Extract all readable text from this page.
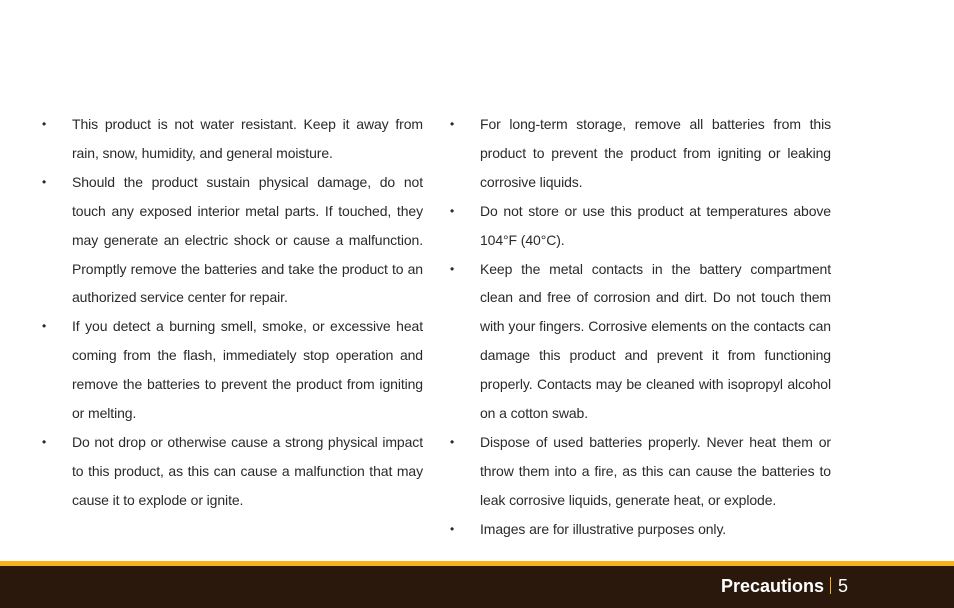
• This product is not water resistant. Keep it away from rain, snow, humidity, and general moisture.
• Should the product sustain physical damage, do not touch any exposed interior metal parts. If touched, they may generate an electric shock or cause a malfunction. Promptly remove the batteries and take the product to an authorized service center for repair.
• If you detect a burning smell, smoke, or excessive heat coming from the flash, immediately stop operation and remove the batteries to prevent the product from igniting or melting.
• Do not drop or otherwise cause a strong physical impact to this product, as this can cause a malfunction that may cause it to explode or ignite.
• For long-term storage, remove all batteries from this product to prevent the product from igniting or leaking corrosive liquids.
• Do not store or use this product at temperatures above 104°F (40°C).
• Keep the metal contacts in the battery compartment clean and free of corrosion and dirt. Do not touch them with your fingers. Corrosive elements on the contacts can damage this product and prevent it from functioning properly. Contacts may be cleaned with isopropyl alcohol on a cotton swab.
• Dispose of used batteries properly. Never heat them or throw them into a fire, as this can cause the batteries to leak corrosive liquids, generate heat, or explode.
• Images are for illustrative purposes only.
Precautions 5
